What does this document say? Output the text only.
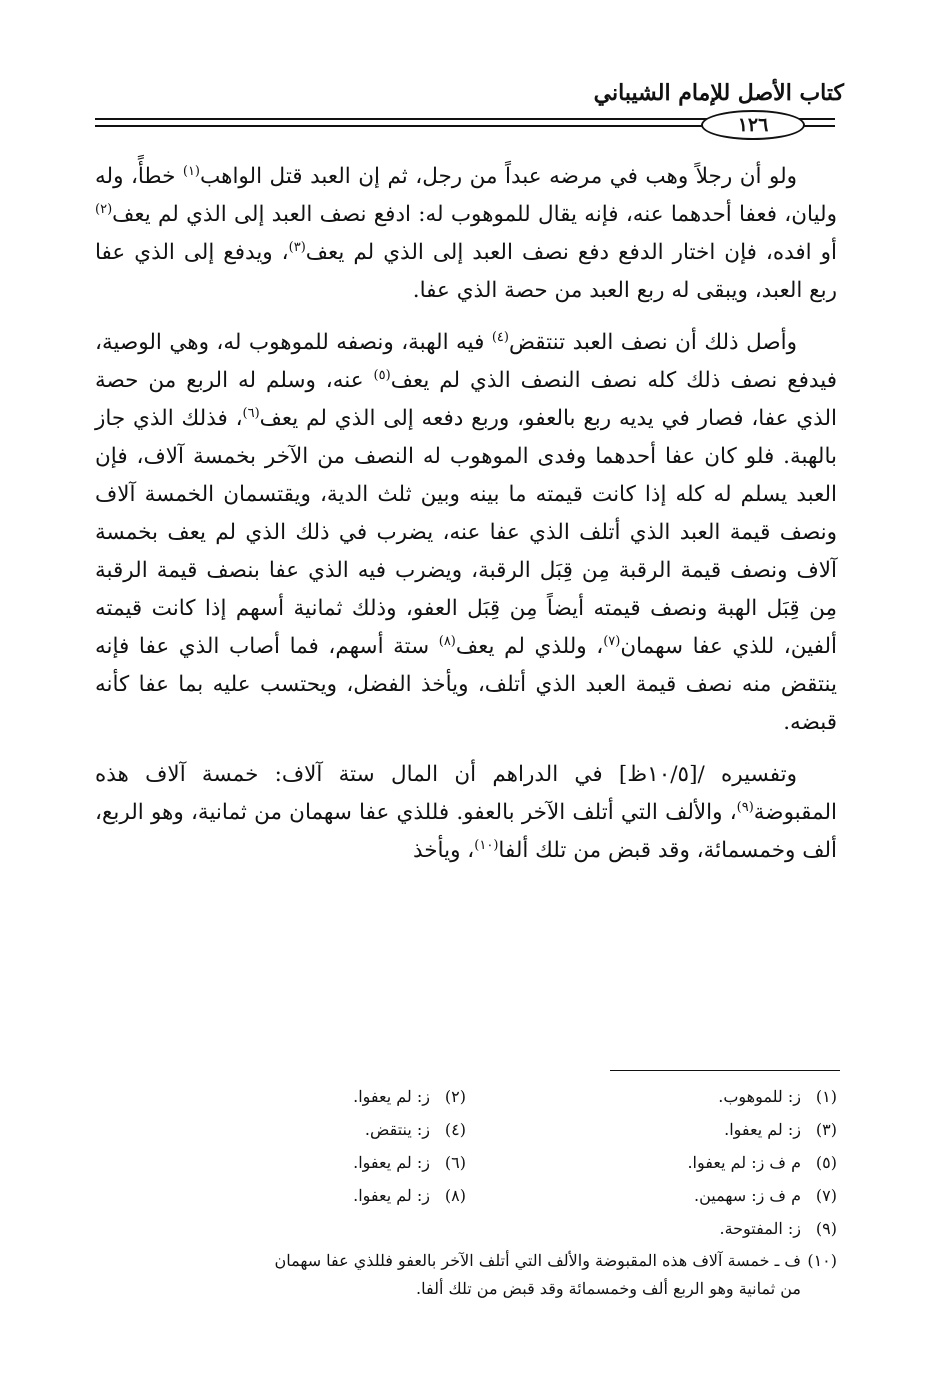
كتاب الأصل للإمام الشيباني
١٢٦

ولو أن رجلاً وهب في مرضه عبداً من رجل، ثم إن العبد قتل الواهب$^{(١)}$ خطأً، وله وليان، فعفا أحدهما عنه، فإنه يقال للموهوب له: ادفع نصف العبد إلى الذي لم يعف$^{(٢)}$ أو افده، فإن اختار الدفع دفع نصف العبد إلى الذي لم يعف$^{(٣)}$، ويدفع إلى الذي عفا ربع العبد، ويبقى له ربع العبد من حصة الذي عفا.

وأصل ذلك أن نصف العبد تنتقض$^{(٤)}$ فيه الهبة، ونصفه للموهوب له، وهي الوصية، فيدفع نصف ذلك كله نصف النصف الذي لم يعف$^{(٥)}$ عنه، وسلم له الربع من حصة الذي عفا، فصار في يديه ربع بالعفو، وربع دفعه إلى الذي لم يعف$^{(٦)}$، فذلك الذي جاز بالهبة. فلو كان عفا أحدهما وفدى الموهوب له النصف من الآخر بخمسة آلاف، فإن العبد يسلم له كله إذا كانت قيمته ما بينه وبين ثلث الدية، ويقتسمان الخمسة آلاف ونصف قيمة العبد الذي أتلف الذي عفا عنه، يضرب في ذلك الذي لم يعف بخمسة آلاف ونصف قيمة الرقبة مِن قِبَل الرقبة، ويضرب فيه الذي عفا بنصف قيمة الرقبة مِن قِبَل الهبة ونصف قيمته أيضاً مِن قِبَل العفو، وذلك ثمانية أسهم إذا كانت قيمته ألفين، للذي عفا سهمان$^{(٧)}$، وللذي لم يعف$^{(٨)}$ ستة أسهم، فما أصاب الذي عفا فإنه ينتقض منه نصف قيمة العبد الذي أتلف، ويأخذ الفضل، ويحتسب عليه بما عفا كأنه قبضه.

وتفسيره /[١٠/٥ظ] في الدراهم أن المال ستة آلاف: خمسة آلاف هذه المقبوضة$^{(٩)}$، والألف التي أتلف الآخر بالعفو. فللذي عفا سهمان من ثمانية، وهو الربع، ألف وخمسمائة، وقد قبض من تلك ألفا$^{(١٠)}$، ويأخذ

(١)ز: للموهوب.
(٢)ز: لم يعفوا.
(٣)ز: لم يعفوا.
(٤)ز: ينتقض.
(٥)م ف ز: لم يعفوا.
(٦)ز: لم يعفوا.
(٧)م ف ز: سهمين.
(٨)ز: لم يعفوا.
(٩)ز: المفتوحة.
(١٠)ف ـ خمسة آلاف هذه المقبوضة والألف التي أتلف الآخر بالعفو فللذي عفا سهمان
من ثمانية وهو الربع ألف وخمسمائة وقد قبض من تلك ألفا.
